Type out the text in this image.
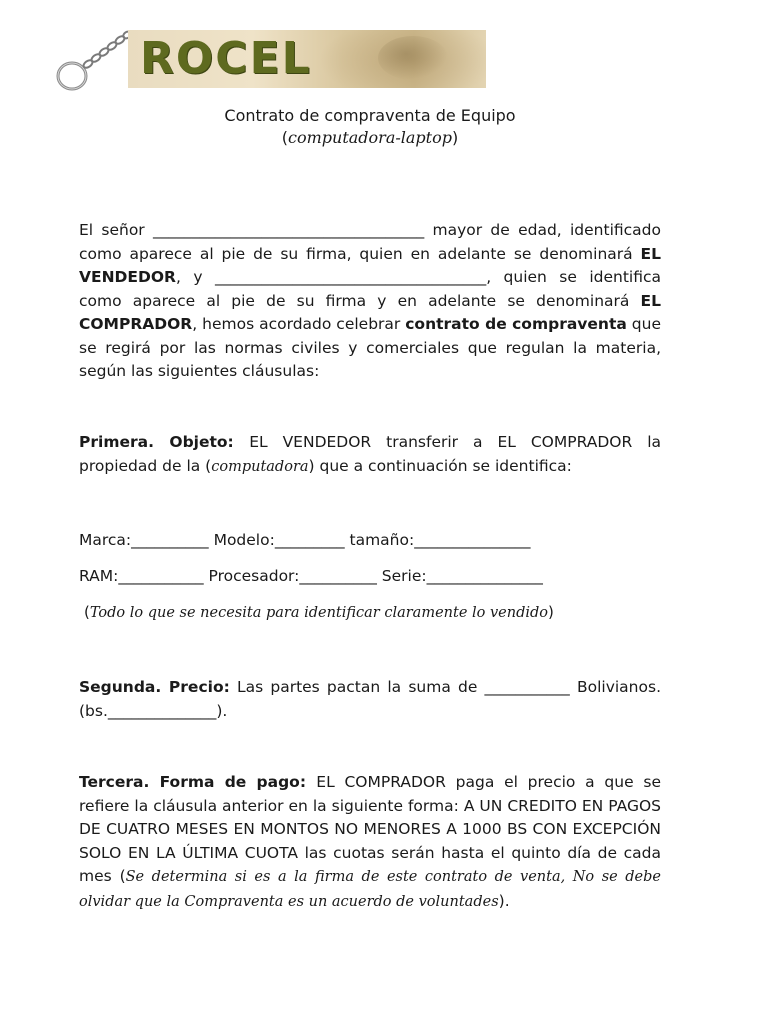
ROCEL
Contrato de compraventa de Equipo
(computadora-laptop)
El señor ___________________________________ mayor de edad, identificado como aparece al pie de su firma, quien en adelante se denominará EL VENDEDOR, y ___________________________________, quien se identifica como aparece al pie de su firma y en adelante se denominará EL COMPRADOR, hemos acordado celebrar contrato de compraventa que se regirá por las normas civiles y comerciales que regulan la materia, según las siguientes cláusulas:
Primera. Objeto: EL VENDEDOR transferir a EL COMPRADOR la propiedad de la (computadora) que a continuación se identifica:
Marca:__________ Modelo:_________ tamaño:_______________
RAM:___________ Procesador:__________ Serie:_______________
(Todo lo que se necesita para identificar claramente lo vendido)
Segunda. Precio: Las partes pactan la suma de ___________ Bolivianos. (bs.______________).
Tercera. Forma de pago: EL COMPRADOR paga el precio a que se refiere la cláusula anterior en la siguiente forma: A UN CREDITO EN PAGOS DE CUATRO MESES EN MONTOS NO MENORES A 1000 BS CON EXCEPCIÓN SOLO EN LA ÚLTIMA CUOTA las cuotas serán hasta el quinto día de cada mes (Se determina si es a la firma de este contrato de venta, No se debe olvidar que la Compraventa es un acuerdo de voluntades).
